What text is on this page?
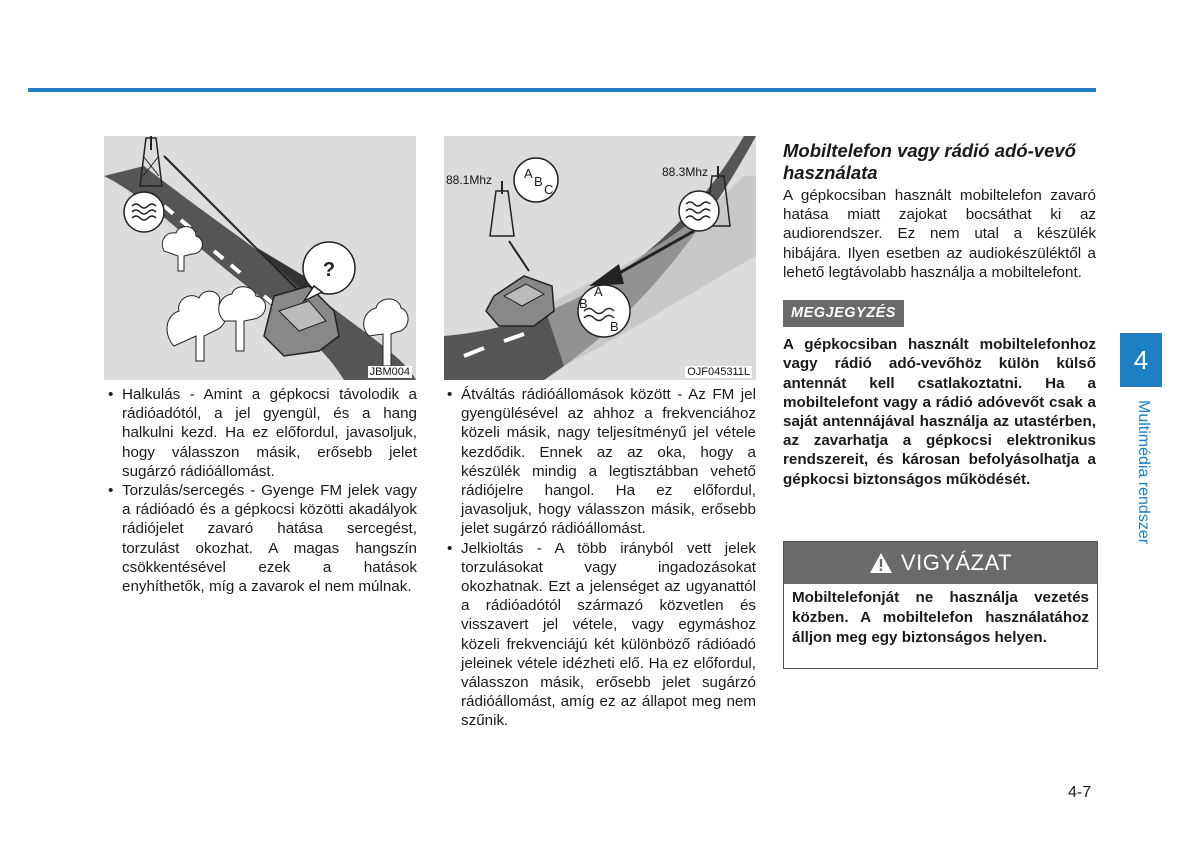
?
JBM004
88.1Mhz
88.3Mhz
A
B
C
A
B
B
OJF045311L
• Halkulás - Amint a gépkocsi távolodik a rádióadótól, a jel gyengül, és a hang halkulni kezd. Ha ez előfordul, javasoljuk, hogy válasszon másik, erősebb jelet sugárzó rádióállomást.
• Torzulás/sercegés - Gyenge FM jelek vagy a rádióadó és a gépkocsi közötti akadályok rádiójelet zavaró hatása sercegést, torzulást okozhat. A magas hangszín csökkentésével ezek a hatások enyhíthetők, míg a zavarok el nem múlnak.
• Átváltás rádióállomások között - Az FM jel gyengülésével az ahhoz a frekvenciához közeli másik, nagy teljesítményű jel vétele kezdődik. Ennek az az oka, hogy a készülék mindig a legtisztábban vehető rádiójelre hangol. Ha ez előfordul, javasoljuk, hogy válasszon másik, erősebb jelet sugárzó rádióállomást.
• Jelkioltás - A több irányból vett jelek torzulásokat vagy ingadozásokat okozhatnak. Ezt a jelenséget az ugyanattól a rádióadótól származó közvetlen és visszavert jel vétele, vagy egymáshoz közeli frekvenciájú két különböző rádióadó jeleinek vétele idézheti elő. Ha ez előfordul, válasszon másik, erősebb jelet sugárzó rádióállomást, amíg ez az állapot meg nem szűnik.
Mobiltelefon vagy rádió adó-vevő használata
A gépkocsiban használt mobiltelefon zavaró hatása miatt zajokat bocsáthat ki az audiorendszer. Ez nem utal a készülék hibájára. Ilyen esetben az audiokészüléktől a lehető legtávolabb használja a mobiltelefont.
MEGJEGYZÉS
A gépkocsiban használt mobiltelefonhoz vagy rádió adó-vevőhöz külön külső antennát kell csatlakoztatni. Ha a mobiltelefont vagy a rádió adóvevőt csak a saját antennájával használja az utastérben, az zavarhatja a gépkocsi elektronikus rendszereit, és károsan befolyásolhatja a gépkocsi biztonságos működését.
VIGYÁZAT
Mobiltelefonját ne használja vezetés közben. A mobiltelefon használatához álljon meg egy biztonságos helyen.
4
Multimédia rendszer
4-7
